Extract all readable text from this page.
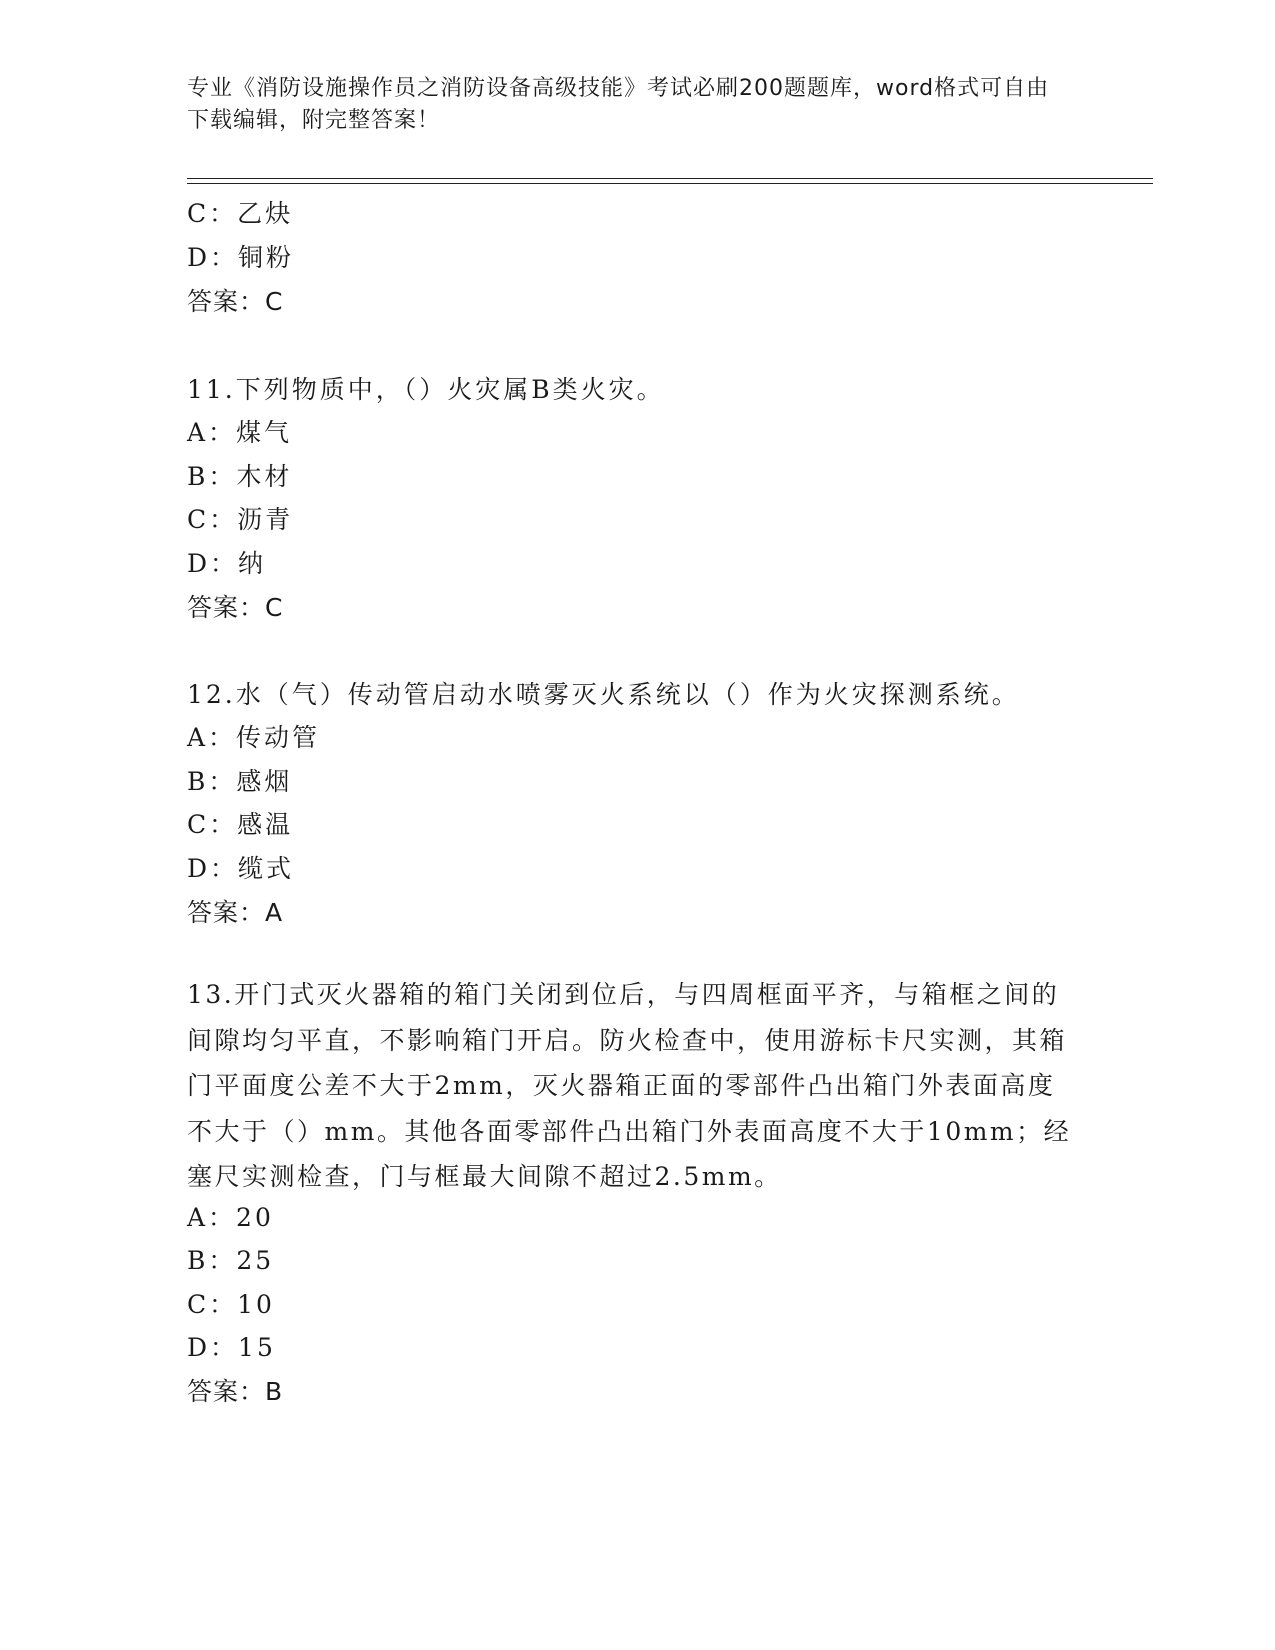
专业《消防设施操作员之消防设备高级技能》考试必刷200题题库，word格式可自由下载编辑，附完整答案！
C：乙炔
D：铜粉
答案：C
11.下列物质中，（）火灾属B类火灾。
A：煤气
B：木材
C：沥青
D：纳
答案：C
12.水（气）传动管启动水喷雾灭火系统以（）作为火灾探测系统。
A：传动管
B：感烟
C：感温
D：缆式
答案：A
13.开门式灭火器箱的箱门关闭到位后，与四周框面平齐，与箱框之间的间隙均匀平直，不影响箱门开启。防火检查中，使用游标卡尺实测，其箱门平面度公差不大于2mm，灭火器箱正面的零部件凸出箱门外表面高度不大于（）mm。其他各面零部件凸出箱门外表面高度不大于10mm；经塞尺实测检查，门与框最大间隙不超过2.5mm。
A：20
B：25
C：10
D：15
答案：B
